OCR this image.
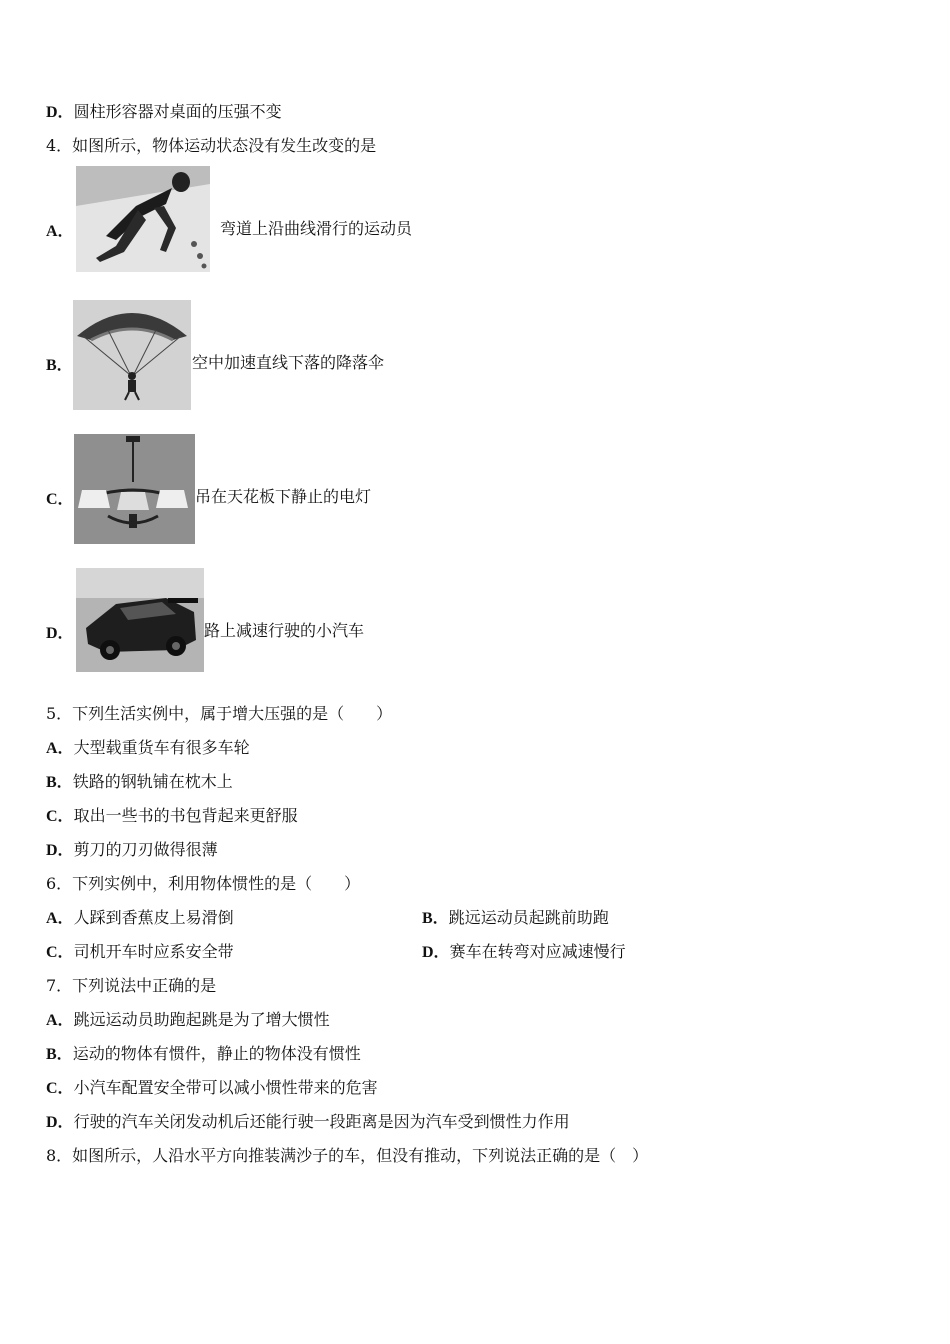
D．圆柱形容器对桌面的压强不变
4．如图所示，物体运动状态没有发生改变的是
A．	弯道上沿曲线滑行的运动员
B．	空中加速直线下落的降落伞
C．	吊在天花板下静止的电灯
D．	路上减速行驶的小汽车
5．下列生活实例中，属于增大压强的是（　　）
A．大型载重货车有很多车轮
B．铁路的钢轨铺在枕木上
C．取出一些书的书包背起来更舒服
D．剪刀的刀刃做得很薄
6．下列实例中，利用物体惯性的是（　　）
A．人踩到香蕉皮上易滑倒	B．跳远运动员起跳前助跑
C．司机开车时应系安全带	D．赛车在转弯对应减速慢行
7．下列说法中正确的是
A．跳远运动员助跑起跳是为了增大惯性
B．运动的物体有惯件，静止的物体没有惯性
C．小汽车配置安全带可以减小惯性带来的危害
D．行驶的汽车关闭发动机后还能行驶一段距离是因为汽车受到惯性力作用
8．如图所示，人沿水平方向推装满沙子的车，但没有推动，下列说法正确的是（　）
